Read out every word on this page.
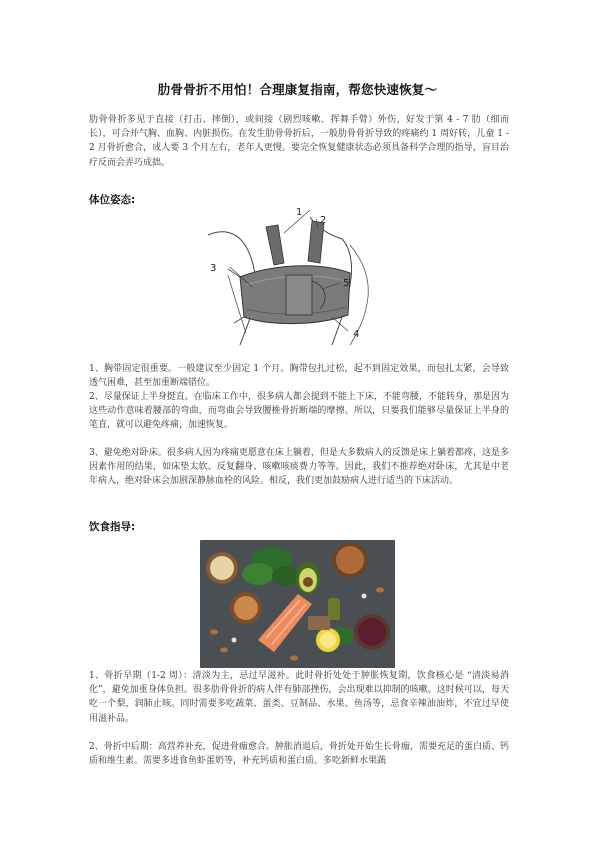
肋骨骨折不用怕！合理康复指南，帮您快速恢复～

肋骨骨折多见于直接（打击、摔倒），或间接（剧烈咳嗽、挥舞手臂）外伤，好发于第 4 - 7 肋（细而长），可合并气胸、血胸、内脏损伤。在发生肋骨骨折后，一般肋骨骨折导致的疼痛约 1 周好转，儿童 1 - 2 月骨折愈合，成人要 3 个月左右，老年人更慢。要完全恢复健康状态必须具备科学合理的指导，盲目治疗反而会弄巧成拙。

体位姿态:
1
2
3
4
5

1、胸带固定很重要。一般建议至少固定 1 个月。胸带包扎过松，起不到固定效果，而包扎太紧，会导致透气困难，甚至加重断端错位。

2、尽量保证上半身挺直。在临床工作中，很多病人都会提到不能上下床，不能弯腰，不能转身，那是因为这些动作意味着腰部的弯曲，而弯曲会导致腰椎骨折断端的摩擦。所以，只要我们能够尽量保证上半身的笔直，就可以避免疼痛，加速恢复。

3、避免绝对卧床。很多病人因为疼痛更愿意在床上躺着，但是大多数病人的反馈是床上躺着都疼，这是多因素作用的结果，如床垫太软、反复翻身、咳嗽咳痰费力等等。因此，我们不推荐绝对卧床，尤其是中老年病人，绝对卧床会加剧深静脉血栓的风险。相反，我们更加鼓励病人进行适当的下床活动。

饮食指导:

1、骨折早期（1-2 周）：清淡为主，忌过早滋补。此时骨折处处于肿胀恢复期，饮食核心是 “清淡易消化”，避免加重身体负担。很多肋骨骨折的病人伴有肺部挫伤，会出现难以抑制的咳嗽。这时候可以，每天吃一个梨，润肺止咳。同时需要多吃蔬菜、蛋类、豆制品、水果、鱼汤等，忌食辛辣油油炸，不宜过早使用滋补品。

2、骨折中后期：高营养补充，促进骨痂愈合。肿胀消退后，骨折处开始生长骨痂，需要充足的蛋白质、钙质和维生素。需要多进食鱼虾蛋奶等，补充钙质和蛋白质。多吃新鲜水果蔬
